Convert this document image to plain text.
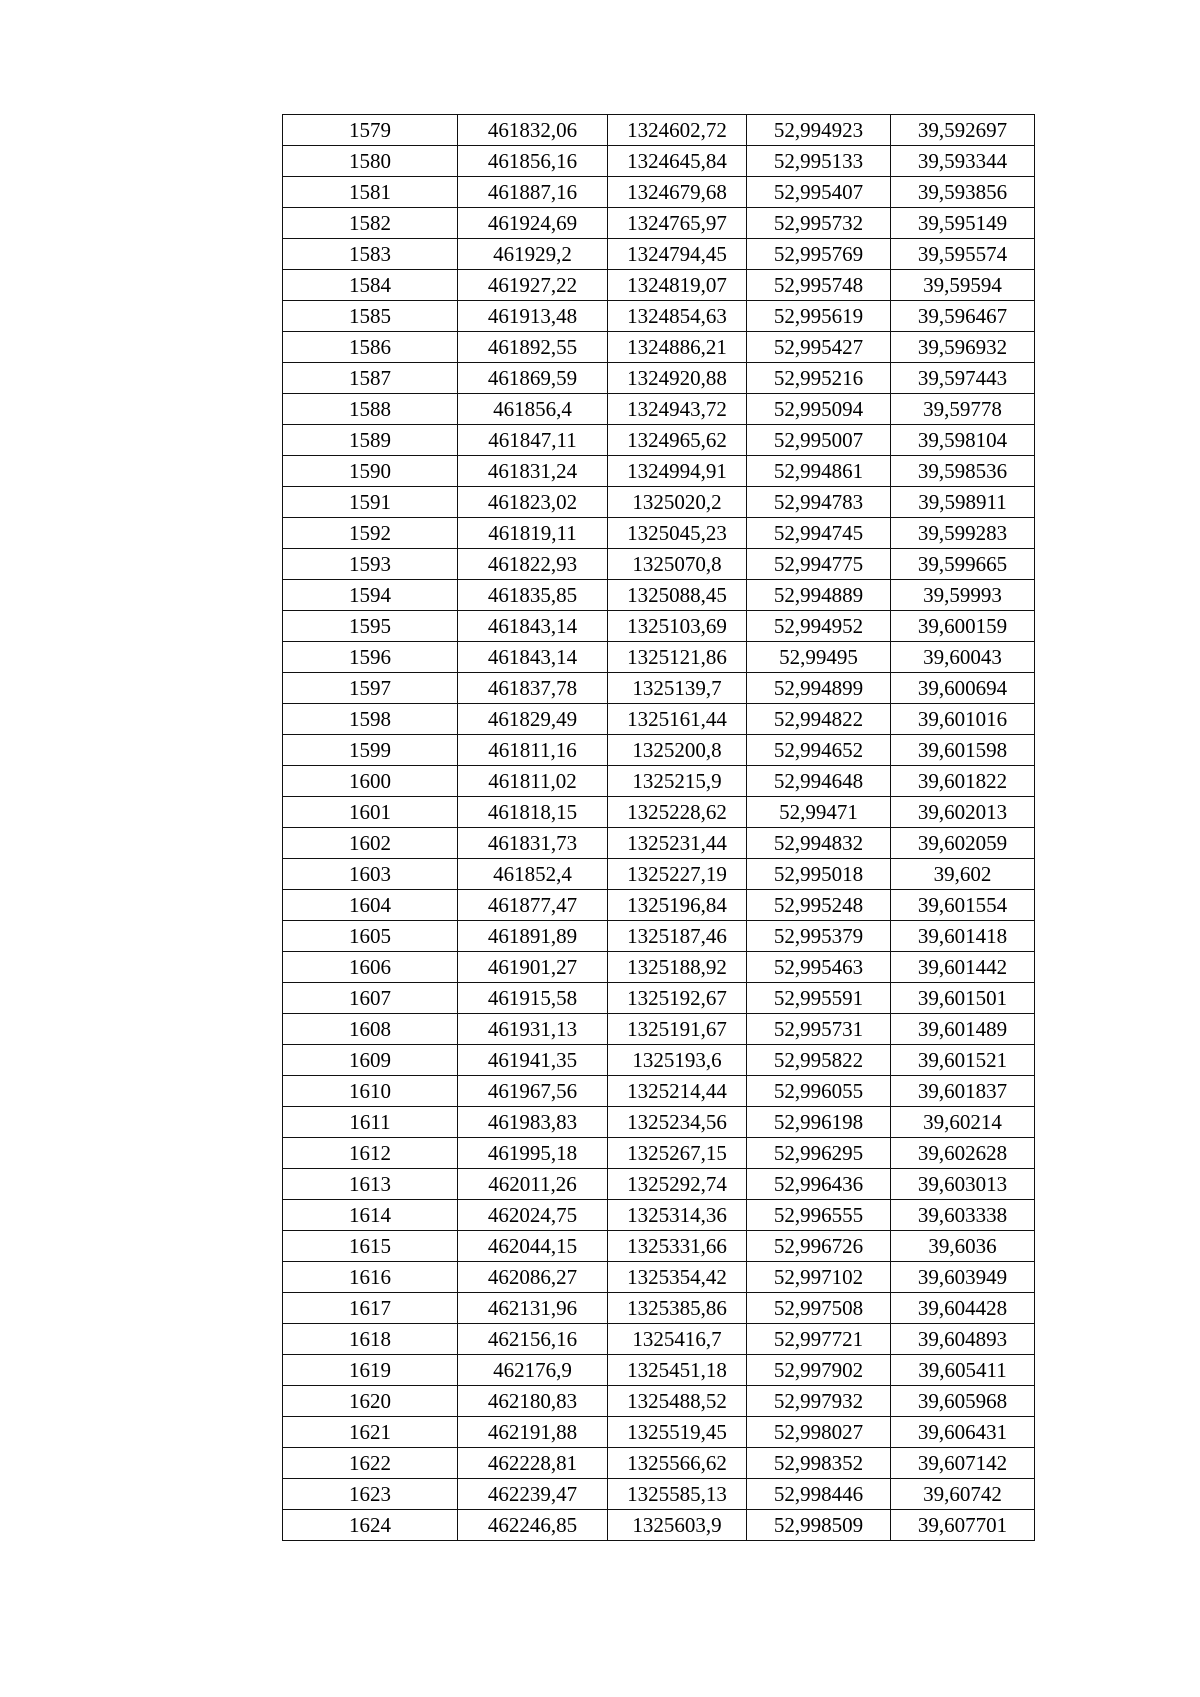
1579	461832,06	1324602,72	52,994923	39,592697
1580	461856,16	1324645,84	52,995133	39,593344
1581	461887,16	1324679,68	52,995407	39,593856
1582	461924,69	1324765,97	52,995732	39,595149
1583	461929,2	1324794,45	52,995769	39,595574
1584	461927,22	1324819,07	52,995748	39,59594
1585	461913,48	1324854,63	52,995619	39,596467
1586	461892,55	1324886,21	52,995427	39,596932
1587	461869,59	1324920,88	52,995216	39,597443
1588	461856,4	1324943,72	52,995094	39,59778
1589	461847,11	1324965,62	52,995007	39,598104
1590	461831,24	1324994,91	52,994861	39,598536
1591	461823,02	1325020,2	52,994783	39,598911
1592	461819,11	1325045,23	52,994745	39,599283
1593	461822,93	1325070,8	52,994775	39,599665
1594	461835,85	1325088,45	52,994889	39,59993
1595	461843,14	1325103,69	52,994952	39,600159
1596	461843,14	1325121,86	52,99495	39,60043
1597	461837,78	1325139,7	52,994899	39,600694
1598	461829,49	1325161,44	52,994822	39,601016
1599	461811,16	1325200,8	52,994652	39,601598
1600	461811,02	1325215,9	52,994648	39,601822
1601	461818,15	1325228,62	52,99471	39,602013
1602	461831,73	1325231,44	52,994832	39,602059
1603	461852,4	1325227,19	52,995018	39,602
1604	461877,47	1325196,84	52,995248	39,601554
1605	461891,89	1325187,46	52,995379	39,601418
1606	461901,27	1325188,92	52,995463	39,601442
1607	461915,58	1325192,67	52,995591	39,601501
1608	461931,13	1325191,67	52,995731	39,601489
1609	461941,35	1325193,6	52,995822	39,601521
1610	461967,56	1325214,44	52,996055	39,601837
1611	461983,83	1325234,56	52,996198	39,60214
1612	461995,18	1325267,15	52,996295	39,602628
1613	462011,26	1325292,74	52,996436	39,603013
1614	462024,75	1325314,36	52,996555	39,603338
1615	462044,15	1325331,66	52,996726	39,6036
1616	462086,27	1325354,42	52,997102	39,603949
1617	462131,96	1325385,86	52,997508	39,604428
1618	462156,16	1325416,7	52,997721	39,604893
1619	462176,9	1325451,18	52,997902	39,605411
1620	462180,83	1325488,52	52,997932	39,605968
1621	462191,88	1325519,45	52,998027	39,606431
1622	462228,81	1325566,62	52,998352	39,607142
1623	462239,47	1325585,13	52,998446	39,60742
1624	462246,85	1325603,9	52,998509	39,607701
